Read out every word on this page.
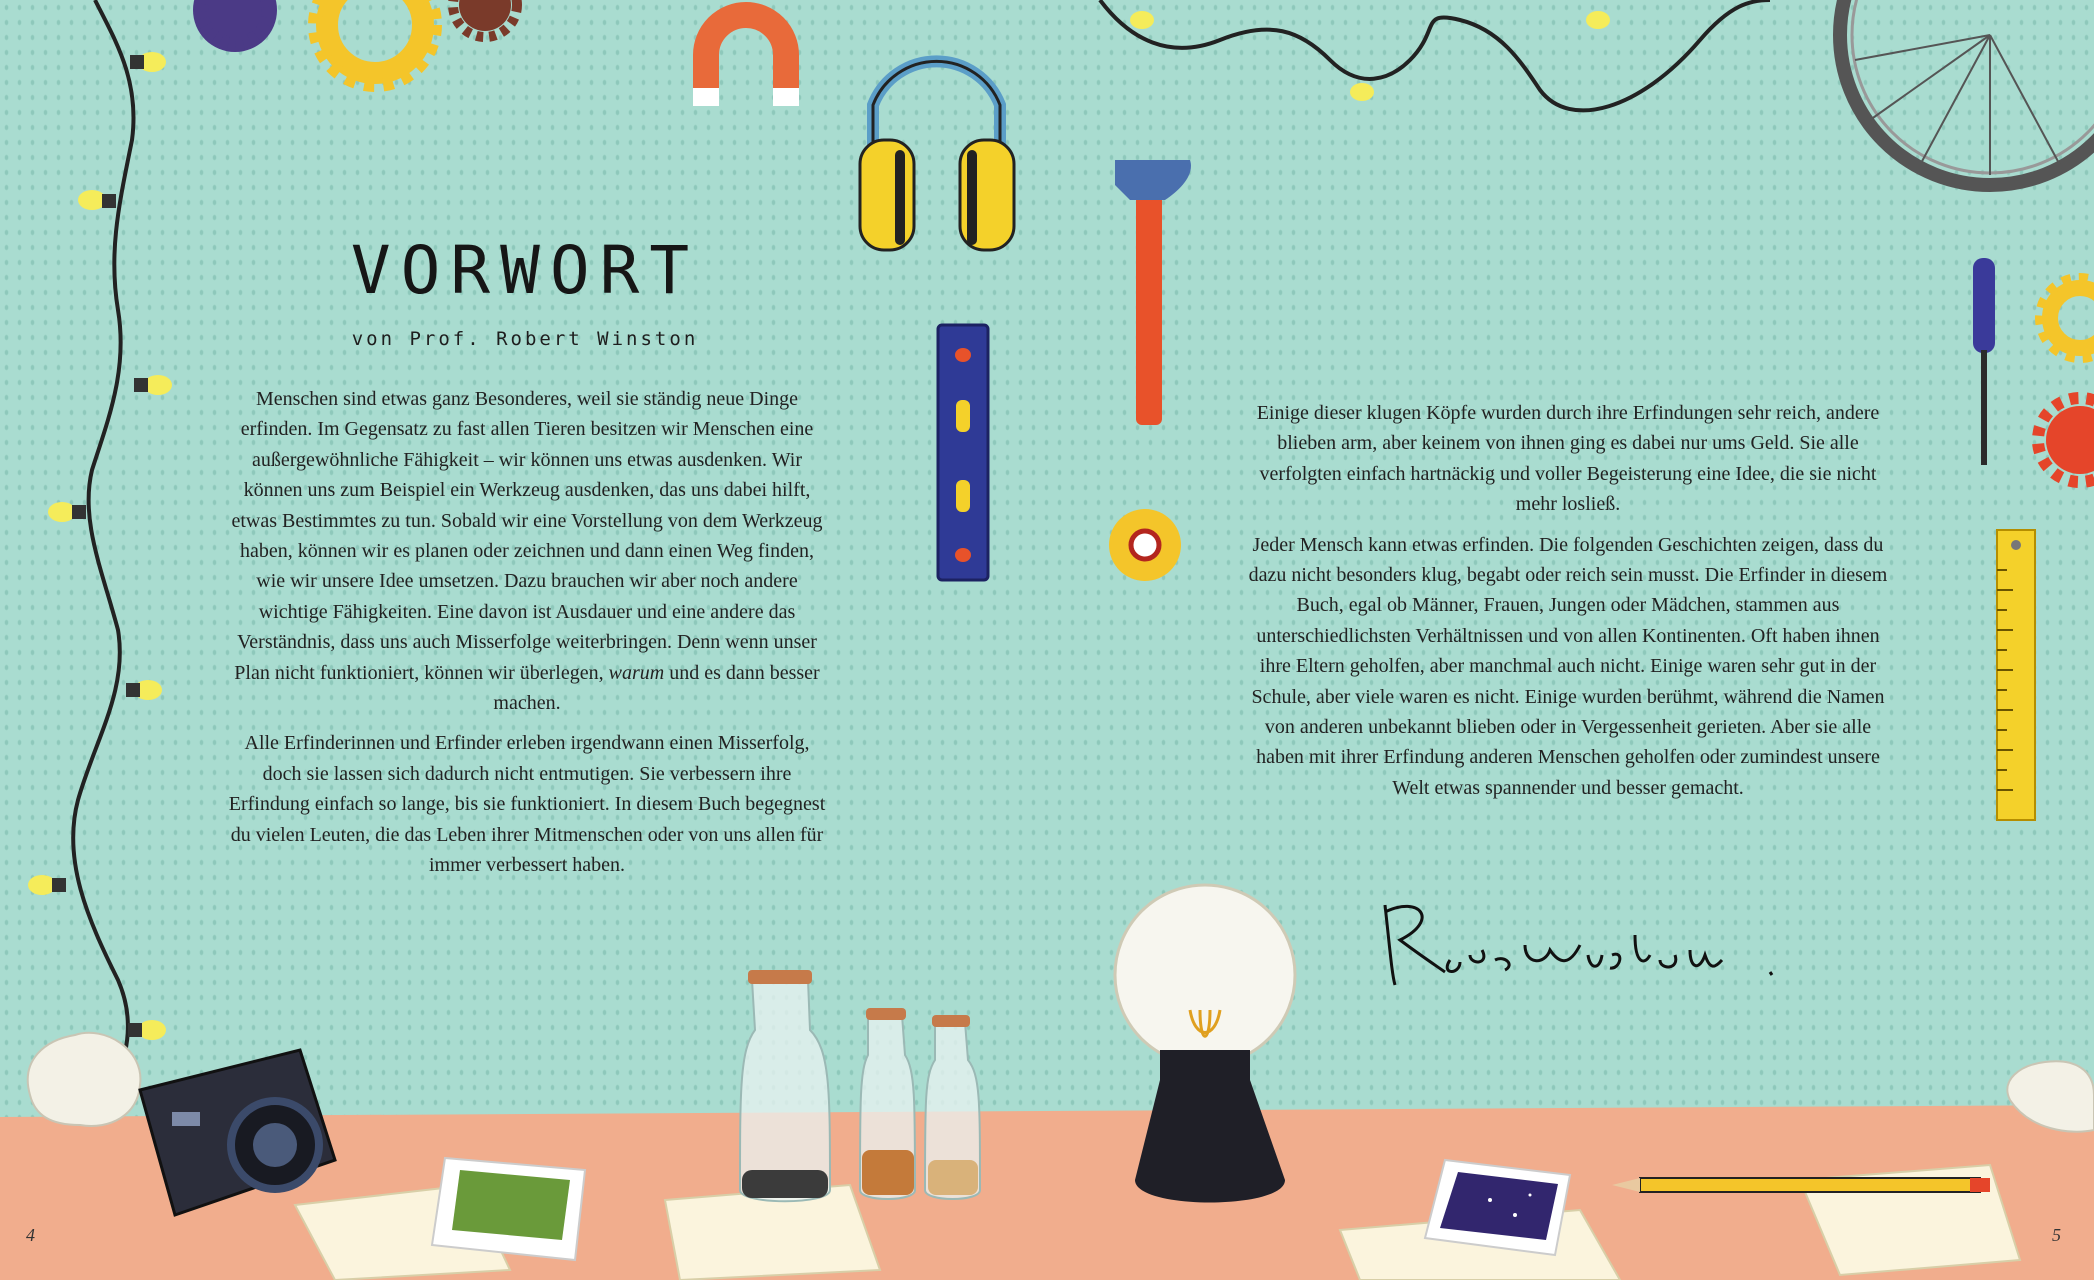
VORWORT
von Prof. Robert Winston

Menschen sind etwas ganz Besonderes, weil sie ständig neue Dinge erfinden. Im Gegensatz zu fast allen Tieren besitzen wir Menschen eine außergewöhnliche Fähigkeit – wir können uns etwas ausdenken. Wir können uns zum Beispiel ein Werkzeug ausdenken, das uns dabei hilft, etwas Bestimmtes zu tun. Sobald wir eine Vorstellung von dem Werkzeug haben, können wir es planen oder zeichnen und dann einen Weg finden, wie wir unsere Idee umsetzen. Dazu brauchen wir aber noch andere wichtige Fähigkeiten. Eine davon ist Ausdauer und eine andere das Verständnis, dass uns auch Misserfolge weiterbringen. Denn wenn unser Plan nicht funktioniert, können wir überlegen, warum und es dann besser machen.

Alle Erfinderinnen und Erfinder erleben irgendwann einen Misserfolg, doch sie lassen sich dadurch nicht entmutigen. Sie verbessern ihre Erfindung einfach so lange, bis sie funktioniert. In diesem Buch begegnest du vielen Leuten, die das Leben ihrer Mitmenschen oder von uns allen für immer verbessert haben.

Einige dieser klugen Köpfe wurden durch ihre Erfindungen sehr reich, andere blieben arm, aber keinem von ihnen ging es dabei nur ums Geld. Sie alle verfolgten einfach hartnäckig und voller Begeisterung eine Idee, die sie nicht mehr losließ.

Jeder Mensch kann etwas erfinden. Die folgenden Geschichten zeigen, dass du dazu nicht besonders klug, begabt oder reich sein musst. Die Erfinder in diesem Buch, egal ob Männer, Frauen, Jungen oder Mädchen, stammen aus unterschiedlichsten Verhältnissen und von allen Kontinenten. Oft haben ihnen ihre Eltern geholfen, aber manchmal auch nicht. Einige waren sehr gut in der Schule, aber viele waren es nicht. Einige wurden berühmt, während die Namen von anderen unbekannt blieben oder in Vergessenheit gerieten. Aber sie alle haben mit ihrer Erfindung anderen Menschen geholfen oder zumindest unsere Welt etwas spannender und besser gemacht.

4	5
